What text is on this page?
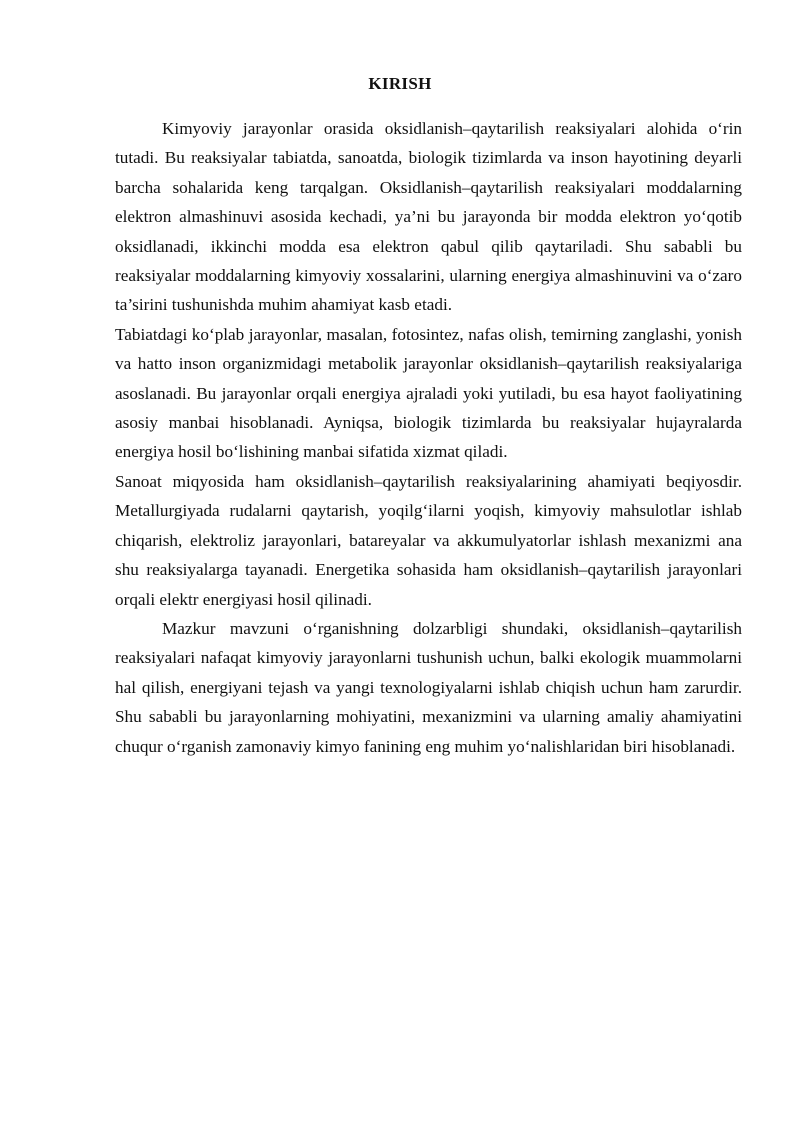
KIRISH

Kimyoviy jarayonlar orasida oksidlanish–qaytarilish reaksiyalari alohida o‘rin tutadi. Bu reaksiyalar tabiatda, sanoatda, biologik tizimlarda va inson hayotining deyarli barcha sohalarida keng tarqalgan. Oksidlanish–qaytarilish reaksiyalari moddalarning elektron almashinuvi asosida kechadi, ya’ni bu jarayonda bir modda elektron yo‘qotib oksidlanadi, ikkinchi modda esa elektron qabul qilib qaytariladi. Shu sababli bu reaksiyalar moddalarning kimyoviy xossalarini, ularning energiya almashinuvini va o‘zaro ta’sirini tushunishda muhim ahamiyat kasb etadi.

Tabiatdagi ko‘plab jarayonlar, masalan, fotosintez, nafas olish, temirning zanglashi, yonish va hatto inson organizmidagi metabolik jarayonlar oksidlanish–qaytarilish reaksiyalariga asoslanadi. Bu jarayonlar orqali energiya ajraladi yoki yutiladi, bu esa hayot faoliyatining asosiy manbai hisoblanadi. Ayniqsa, biologik tizimlarda bu reaksiyalar hujayralarda energiya hosil bo‘lishining manbai sifatida xizmat qiladi.

Sanoat miqyosida ham oksidlanish–qaytarilish reaksiyalarining ahamiyati beqiyosdir. Metallurgiyada rudalarni qaytarish, yoqilg‘ilarni yoqish, kimyoviy mahsulotlar ishlab chiqarish, elektroliz jarayonlari, batareyalar va akkumulyatorlar ishlash mexanizmi ana shu reaksiyalarga tayanadi. Energetika sohasida ham oksidlanish–qaytarilish jarayonlari orqali elektr energiyasi hosil qilinadi.

Mazkur mavzuni o‘rganishning dolzarbligi shundaki, oksidlanish–qaytarilish reaksiyalari nafaqat kimyoviy jarayonlarni tushunish uchun, balki ekologik muammolarni hal qilish, energiyani tejash va yangi texnologiyalarni ishlab chiqish uchun ham zarurdir. Shu sababli bu jarayonlarning mohiyatini, mexanizmini va ularning amaliy ahamiyatini chuqur o‘rganish zamonaviy kimyo fanining eng muhim yo‘nalishlaridan biri hisoblanadi.
